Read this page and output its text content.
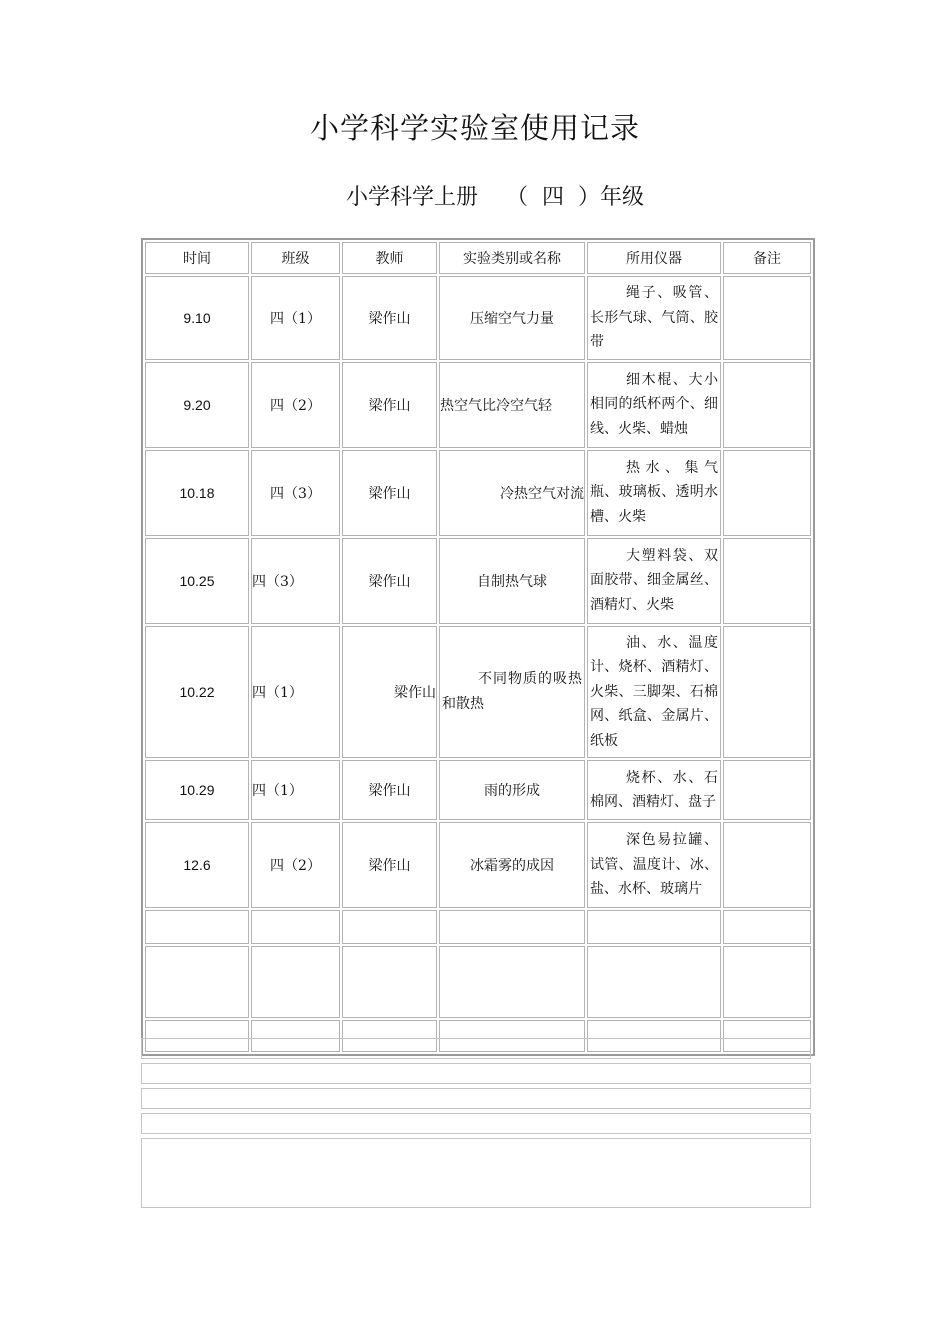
小学科学实验室使用记录
小学科学上册    （  四  ）年级
时间	班级	教师	实验类别或名称	所用仪器	备注
9.10	四（1）	梁作山	压缩空气力量	绳子、吸管、长形气球、气筒、胶带	

9.20	四（2）	梁作山	热空气比冷空气轻	细木棍、大小相同的纸杯两个、细线、火柴、蜡烛	

10.18	四（3）	梁作山	冷热空气对流	热水、集气瓶、玻璃板、透明水槽、火柴	

10.25	四（3）	梁作山	自制热气球	大塑料袋、双面胶带、细金属丝、酒精灯、火柴	

10.22	四（1）	梁作山	不同物质的吸热和散热	油、水、温度计、烧杯、酒精灯、火柴、三脚架、石棉网、纸盒、金属片、纸板	

10.29	四（1）	梁作山	雨的形成	烧杯、水、石棉网、酒精灯、盘子	

12.6	四（2）	梁作山	冰霜雾的成因	深色易拉罐、试管、温度计、冰、盐、水杯、玻璃片	
